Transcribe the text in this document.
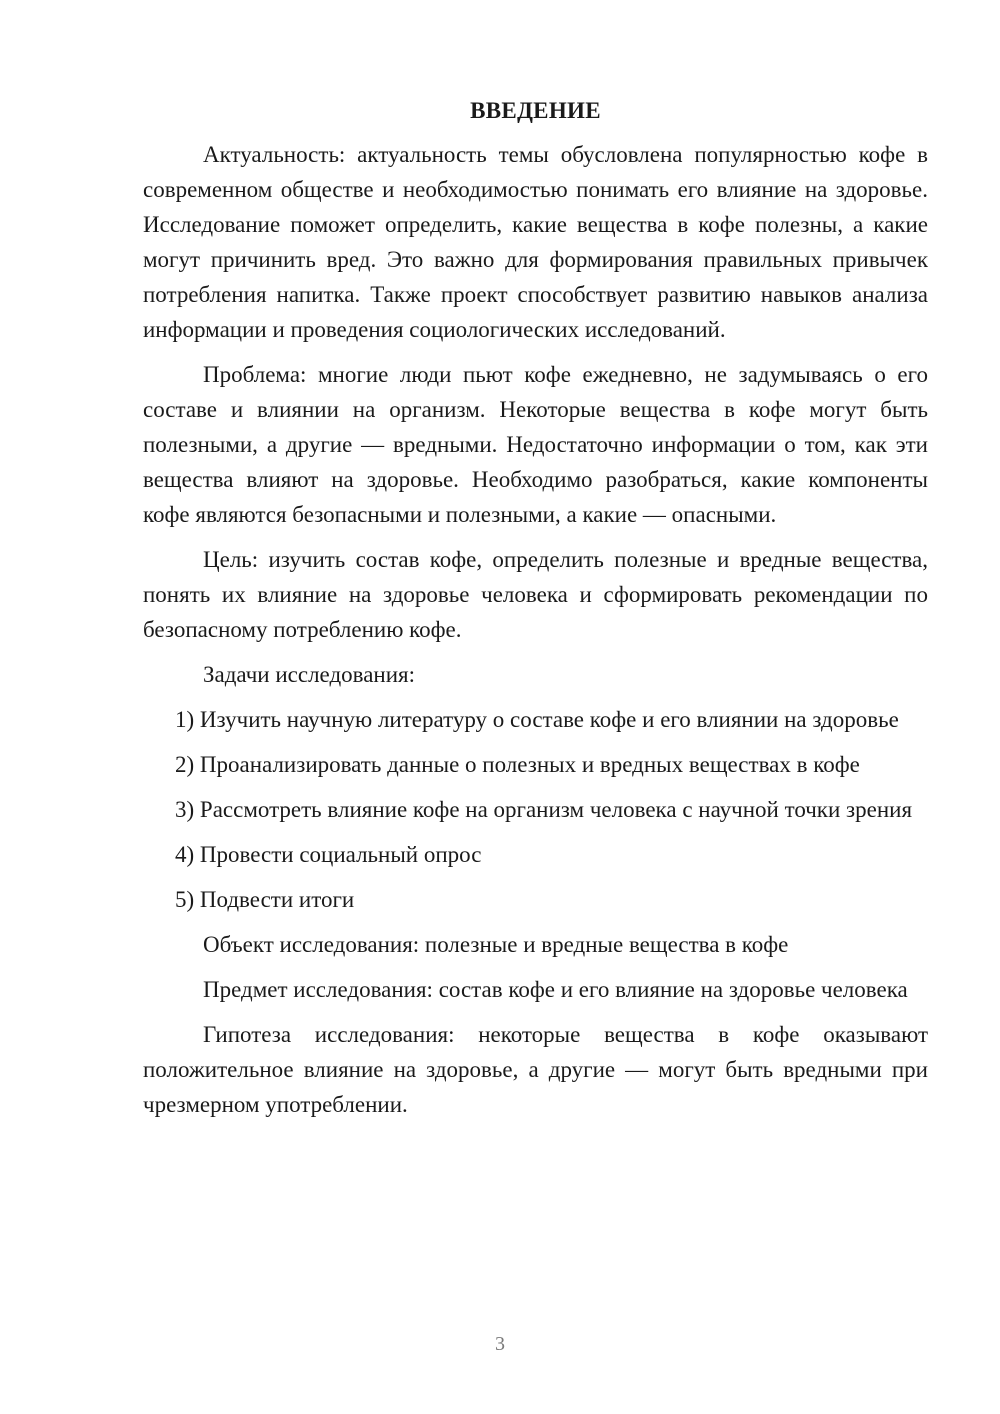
ВВЕДЕНИЕ

Актуальность: актуальность темы обусловлена популярностью кофе в современном обществе и необходимостью понимать его влияние на здоровье. Исследование поможет определить, какие вещества в кофе полезны, а какие могут причинить вред. Это важно для формирования правильных привычек потребления напитка. Также проект способствует развитию навыков анализа информации и проведения социологических исследований.

Проблема: многие люди пьют кофе ежедневно, не задумываясь о его составе и влиянии на организм. Некоторые вещества в кофе могут быть полезными, а другие — вредными. Недостаточно информации о том, как эти вещества влияют на здоровье. Необходимо разобраться, какие компоненты кофе являются безопасными и полезными, а какие — опасными.

Цель: изучить состав кофе, определить полезные и вредные вещества, понять их влияние на здоровье человека и сформировать рекомендации по безопасному потреблению кофе.

Задачи исследования:

1) Изучить научную литературу о составе кофе и его влиянии на здоровье

2) Проанализировать данные о полезных и вредных веществах в кофе

3) Рассмотреть влияние кофе на организм человека с научной точки зрения

4) Провести социальный опрос

5) Подвести итоги

Объект исследования: полезные и вредные вещества в кофе

Предмет исследования: состав кофе и его влияние на здоровье человека

Гипотеза исследования: некоторые вещества в кофе оказывают положительное влияние на здоровье, а другие — могут быть вредными при чрезмерном употреблении.

3
